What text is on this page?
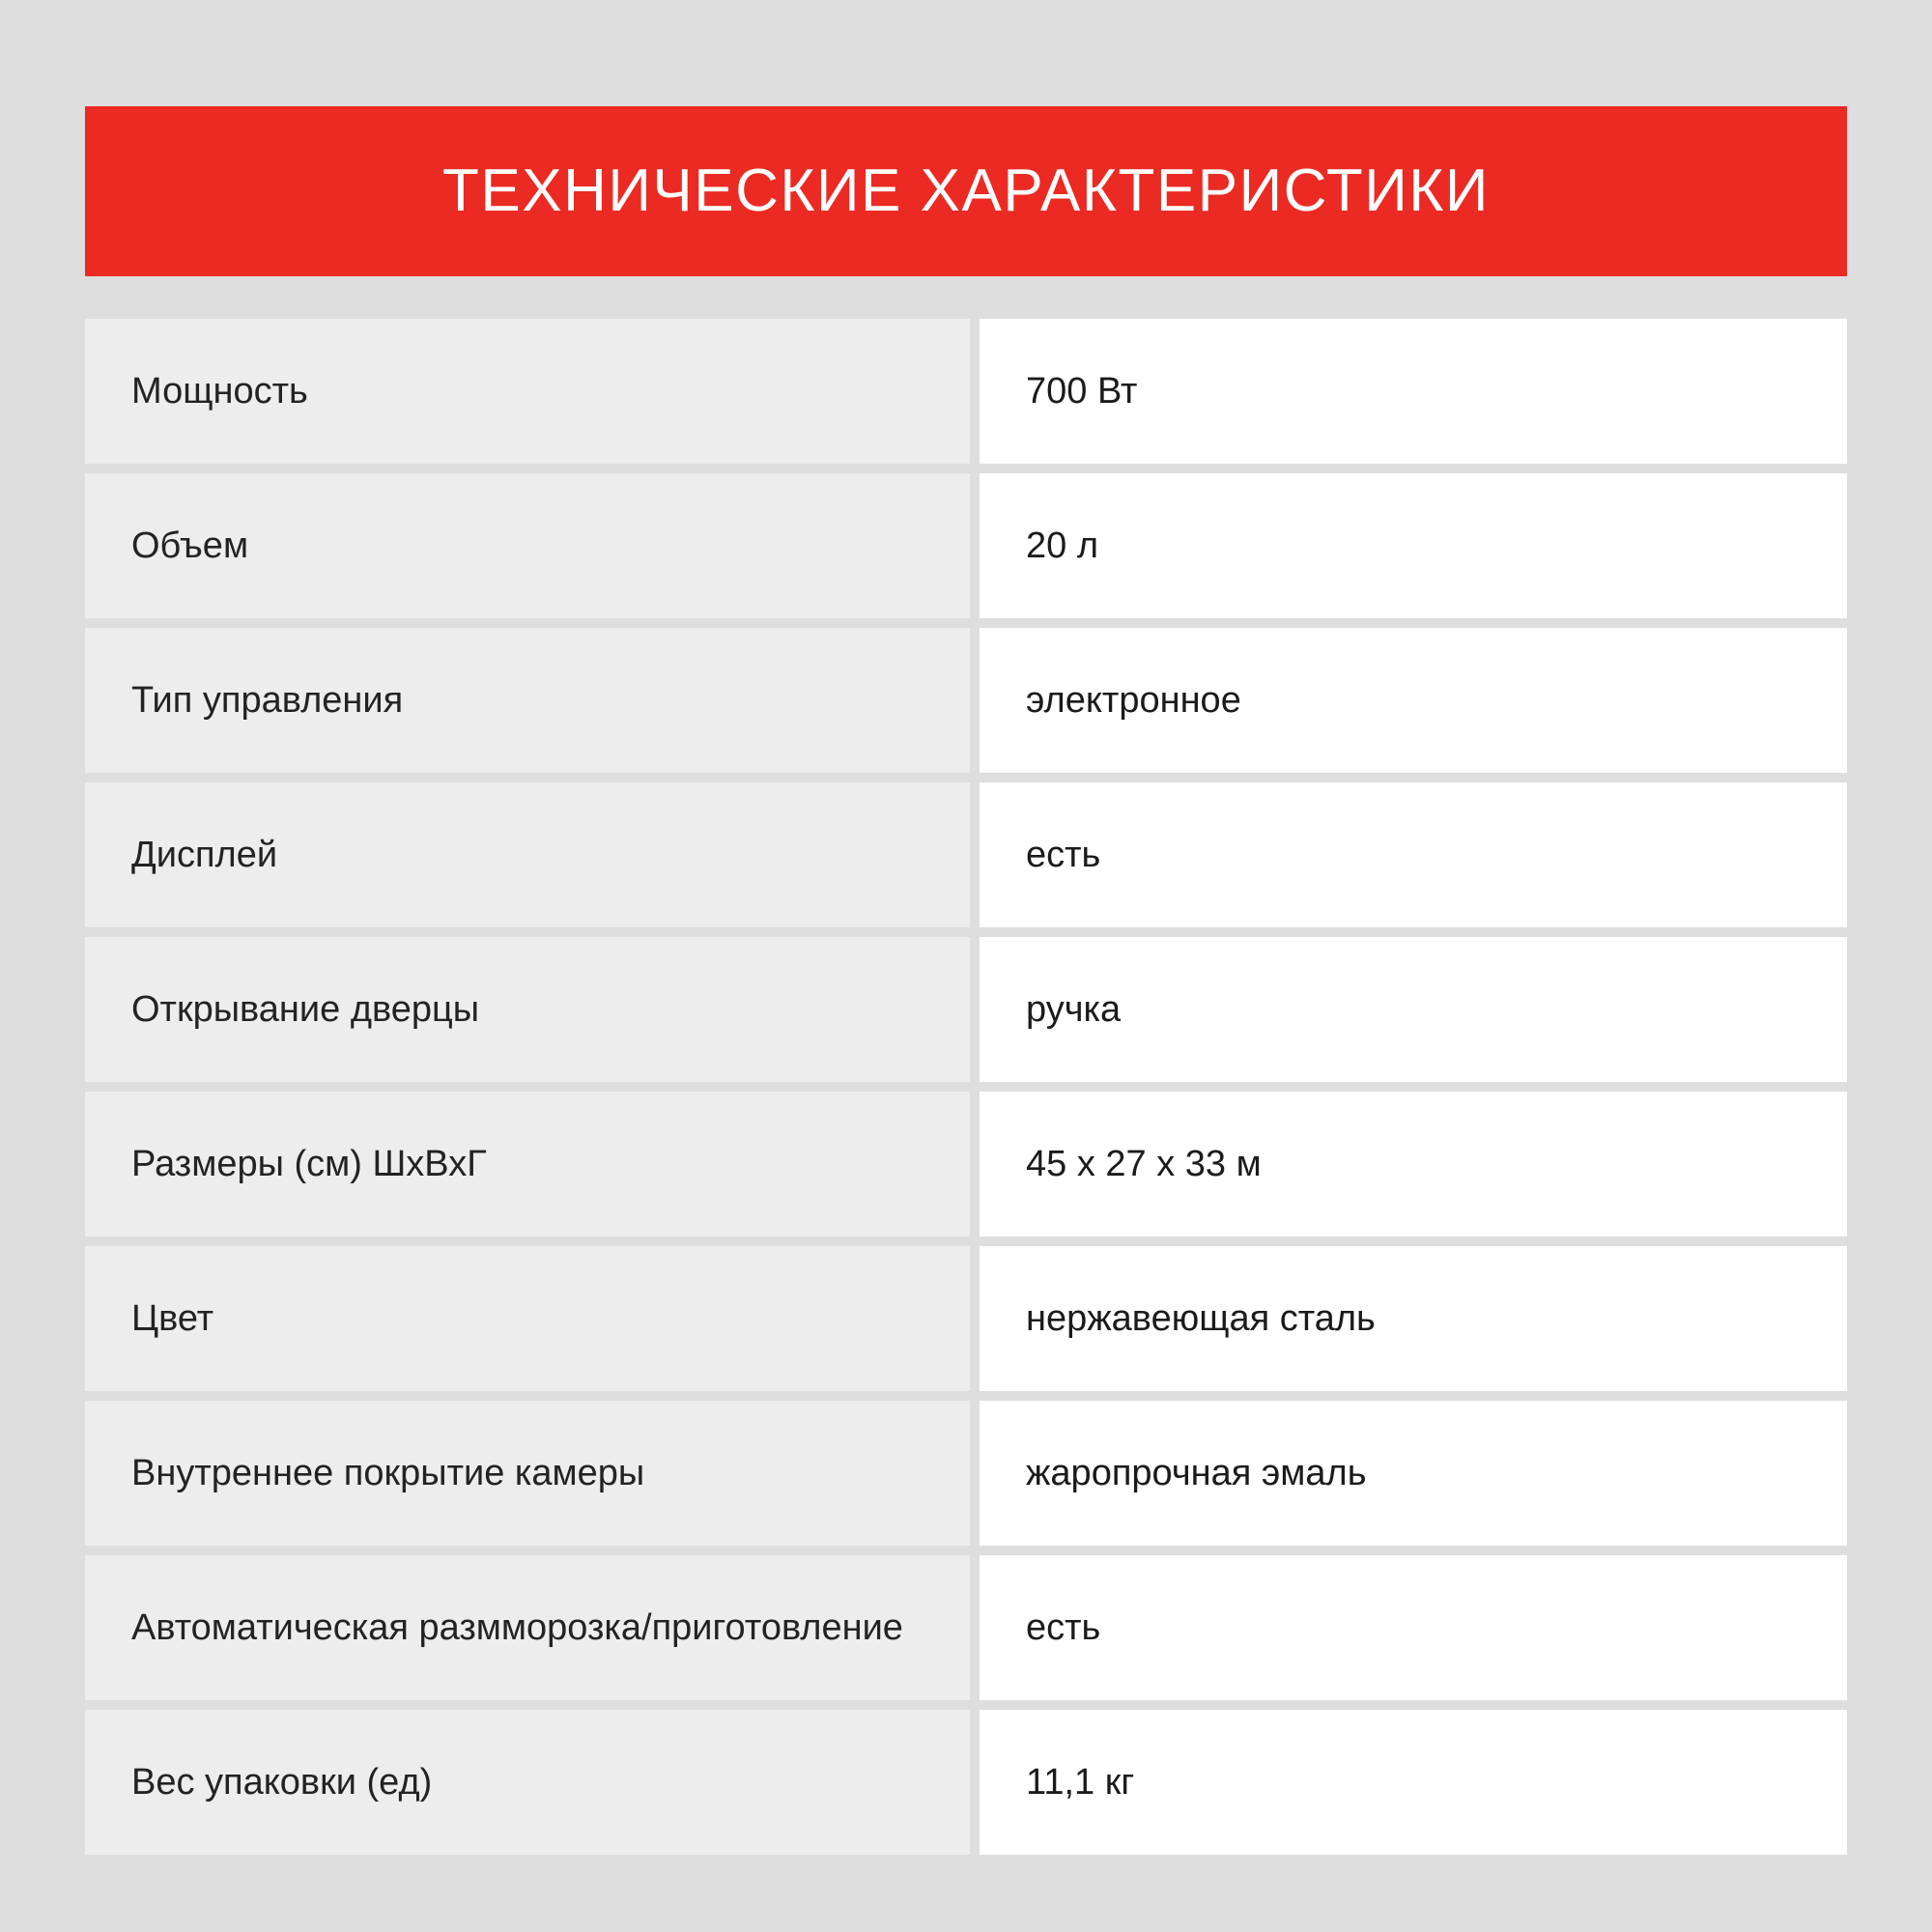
ТЕХНИЧЕСКИЕ ХАРАКТЕРИСТИКИ
Мощность	700 Вт
Объем	20 л
Тип управления	электронное
Дисплей	есть
Открывание дверцы	ручка
Размеры (см) ШхВхГ	45 x 27 x 33 м
Цвет	нержавеющая сталь
Внутреннее покрытие камеры	жаропрочная эмаль
Автоматическая размморозка/приготовление	есть
Вес упаковки (ед)	11,1 кг
